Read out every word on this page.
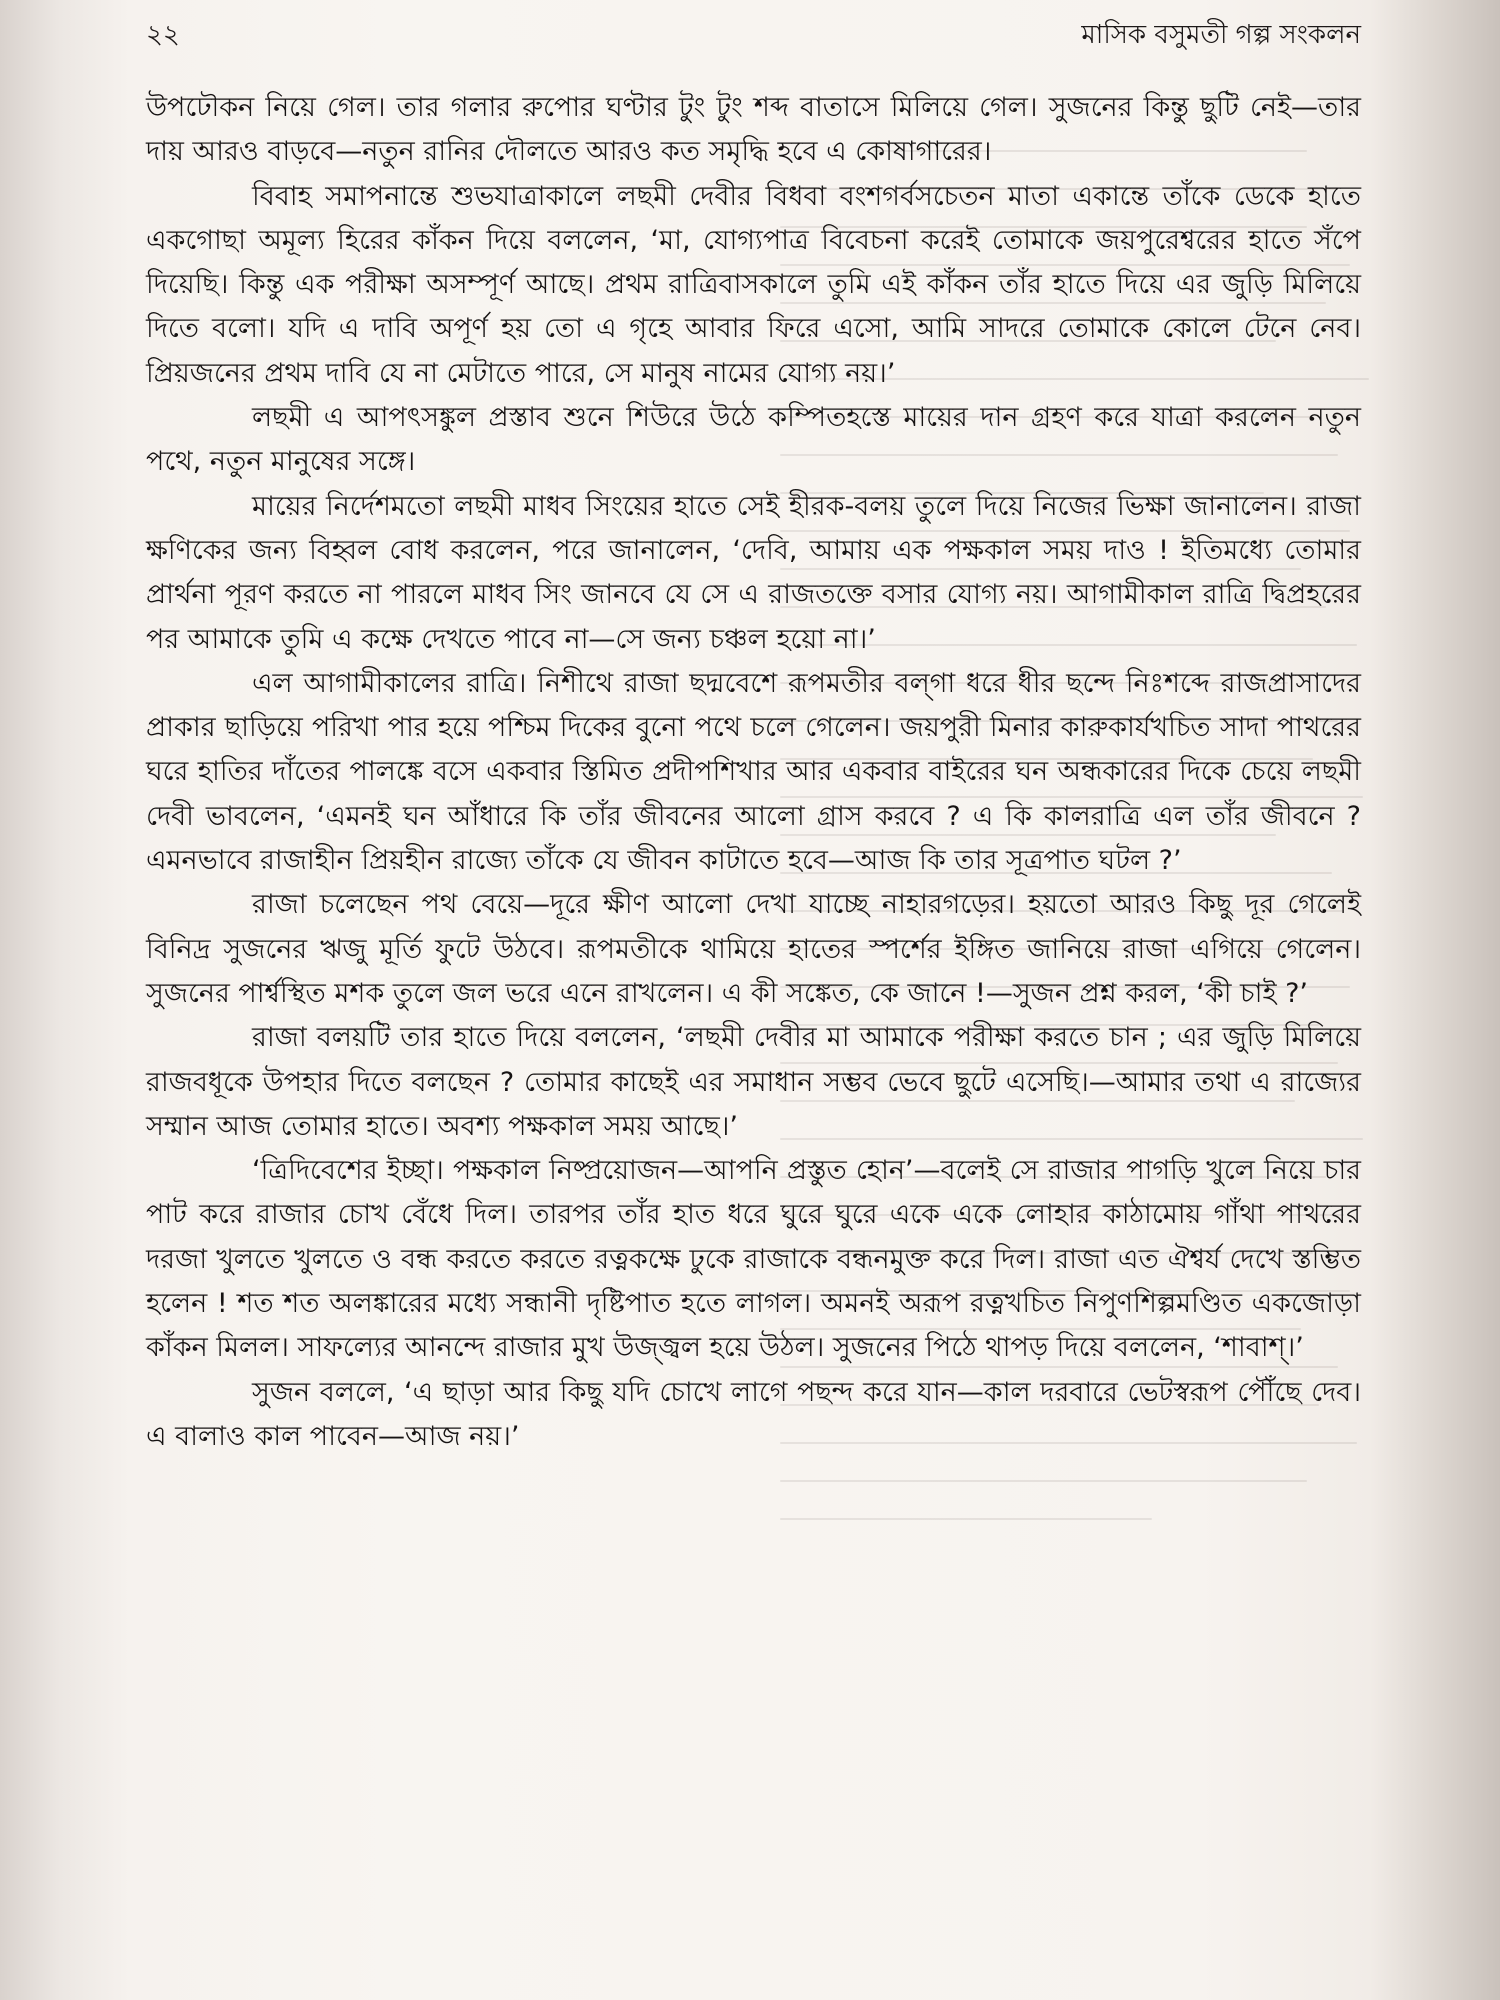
২২	মাসিক বসুমতী গল্প সংকলন

উপঢৌকন নিয়ে গেল। তার গলার রুপোর ঘণ্টার টুং টুং শব্দ বাতাসে মিলিয়ে গেল। সুজনের কিন্তু ছুটি নেই—তার দায় আরও বাড়বে—নতুন রানির দৌলতে আরও কত সমৃদ্ধি হবে এ কোষাগারের।

বিবাহ সমাপনান্তে শুভযাত্রাকালে লছমী দেবীর বিধবা বংশগর্বসচেতন মাতা একান্তে তাঁকে ডেকে হাতে একগোছা অমূল্য হিরের কাঁকন দিয়ে বললেন, ‘মা, যোগ্যপাত্র বিবেচনা করেই তোমাকে জয়পুরেশ্বরের হাতে সঁপে দিয়েছি। কিন্তু এক পরীক্ষা অসম্পূর্ণ আছে। প্রথম রাত্রিবাসকালে তুমি এই কাঁকন তাঁর হাতে দিয়ে এর জুড়ি মিলিয়ে দিতে বলো। যদি এ দাবি অপূর্ণ হয় তো এ গৃহে আবার ফিরে এসো, আমি সাদরে তোমাকে কোলে টেনে নেব। প্রিয়জনের প্রথম দাবি যে না মেটাতে পারে, সে মানুষ নামের যোগ্য নয়।’

লছমী এ আপৎসঙ্কুল প্রস্তাব শুনে শিউরে উঠে কম্পিতহস্তে মায়ের দান গ্রহণ করে যাত্রা করলেন নতুন পথে, নতুন মানুষের সঙ্গে।

মায়ের নির্দেশমতো লছমী মাধব সিংয়ের হাতে সেই হীরক-বলয় তুলে দিয়ে নিজের ভিক্ষা জানালেন। রাজা ক্ষণিকের জন্য বিহ্বল বোধ করলেন, পরে জানালেন, ‘দেবি, আমায় এক পক্ষকাল সময় দাও ! ইতিমধ্যে তোমার প্রার্থনা পূরণ করতে না পারলে মাধব সিং জানবে যে সে এ রাজতক্তে বসার যোগ্য নয়। আগামীকাল রাত্রি দ্বিপ্রহরের পর আমাকে তুমি এ কক্ষে দেখতে পাবে না—সে জন্য চঞ্চল হয়ো না।’

এল আগামীকালের রাত্রি। নিশীথে রাজা ছদ্মবেশে রূপমতীর বল্‌গা ধরে ধীর ছন্দে নিঃশব্দে রাজপ্রাসাদের প্রাকার ছাড়িয়ে পরিখা পার হয়ে পশ্চিম দিকের বুনো পথে চলে গেলেন। জয়পুরী মিনার কারুকার্যখচিত সাদা পাথরের ঘরে হাতির দাঁতের পালঙ্কে বসে একবার স্তিমিত প্রদীপশিখার আর একবার বাইরের ঘন অন্ধকারের দিকে চেয়ে লছমী দেবী ভাবলেন, ‘এমনই ঘন আঁধারে কি তাঁর জীবনের আলো গ্রাস করবে ? এ কি কালরাত্রি এল তাঁর জীবনে ? এমনভাবে রাজাহীন প্রিয়হীন রাজ্যে তাঁকে যে জীবন কাটাতে হবে—আজ কি তার সূত্রপাত ঘটল ?’

রাজা চলেছেন পথ বেয়ে—দূরে ক্ষীণ আলো দেখা যাচ্ছে নাহারগড়ের। হয়তো আরও কিছু দূর গেলেই বিনিদ্র সুজনের ঋজু মূর্তি ফুটে উঠবে। রূপমতীকে থামিয়ে হাতের স্পর্শের ইঙ্গিত জানিয়ে রাজা এগিয়ে গেলেন। সুজনের পার্শ্বস্থিত মশক তুলে জল ভরে এনে রাখলেন। এ কী সঙ্কেত, কে জানে !—সুজন প্রশ্ন করল, ‘কী চাই ?’

রাজা বলয়টি তার হাতে দিয়ে বললেন, ‘লছমী দেবীর মা আমাকে পরীক্ষা করতে চান ; এর জুড়ি মিলিয়ে রাজবধূকে উপহার দিতে বলছেন ? তোমার কাছেই এর সমাধান সম্ভব ভেবে ছুটে এসেছি।—আমার তথা এ রাজ্যের সম্মান আজ তোমার হাতে। অবশ্য পক্ষকাল সময় আছে।’

‘ত্রিদিবেশের ইচ্ছা। পক্ষকাল নিষ্প্রয়োজন—আপনি প্রস্তুত হোন’—বলেই সে রাজার পাগড়ি খুলে নিয়ে চার পাট করে রাজার চোখ বেঁধে দিল। তারপর তাঁর হাত ধরে ঘুরে ঘুরে একে একে লোহার কাঠামোয় গাঁথা পাথরের দরজা খুলতে খুলতে ও বন্ধ করতে করতে রত্নকক্ষে ঢুকে রাজাকে বন্ধনমুক্ত করে দিল। রাজা এত ঐশ্বর্য দেখে স্তম্ভিত হলেন ! শত শত অলঙ্কারের মধ্যে সন্ধানী দৃষ্টিপাত হতে লাগল। অমনই অরূপ রত্নখচিত নিপুণশিল্পমণ্ডিত একজোড়া কাঁকন মিলল। সাফল্যের আনন্দে রাজার মুখ উজ্জ্বল হয়ে উঠল। সুজনের পিঠে থাপড় দিয়ে বললেন, ‘শাবাশ্‌।’

সুজন বললে, ‘এ ছাড়া আর কিছু যদি চোখে লাগে পছন্দ করে যান—কাল দরবারে ভেটস্বরূপ পৌঁছে দেব। এ বালাও কাল পাবেন—আজ নয়।’
